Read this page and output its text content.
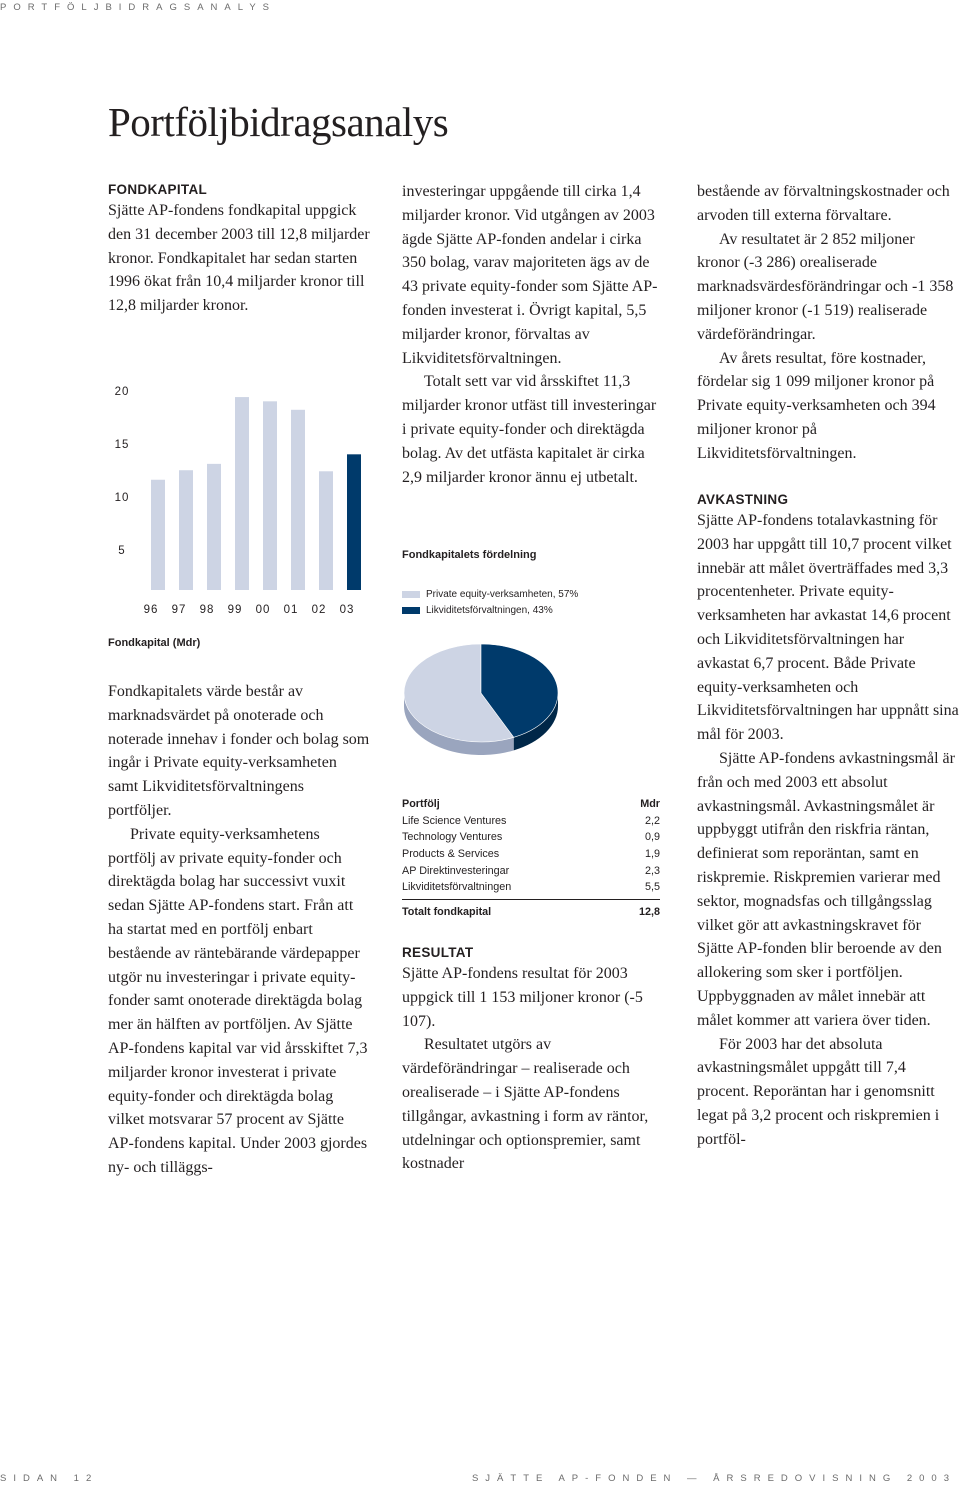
PORTFÖLJBIDRAGSANALYS
Portföljbidragsanalys

FONDKAPITAL

Sjätte AP-fondens fondkapital uppgick den 31 december 2003 till 12,8 miljarder kronor. Fondkapitalet har sedan starten 1996 ökat från 10,4 miljarder kronor till 12,8 miljarder kronor.

5
10
15
20
96 97 98 99 00 01 02 03
Fondkapital (Mdr)

Fondkapitalets värde består av marknadsvärdet på onoterade och noterade innehav i fonder och bolag som ingår i Private equity-verksamheten samt Likviditetsförvaltningens portföljer.

Private equity-verksamhetens portfölj av private equity-fonder och direktägda bolag har successivt vuxit sedan Sjätte AP-fondens start. Från att ha startat med en portfölj enbart bestående av räntebärande värdepapper utgör nu investeringar i private equity-fonder samt onoterade direktägda bolag mer än hälften av portföljen. Av Sjätte AP-fondens kapital var vid årsskiftet 7,3 miljarder kronor investerat i private equity-fonder och direktägda bolag vilket motsvarar 57 procent av Sjätte AP-fondens kapital. Under 2003 gjordes ny- och tilläggs-

investeringar uppgående till cirka 1,4 miljarder kronor. Vid utgången av 2003 ägde Sjätte AP-fonden andelar i cirka 350 bolag, varav majoriteten ägs av de 43 private equity-fonder som Sjätte AP-fonden investerat i. Övrigt kapital, 5,5 miljarder kronor, förvaltas av Likviditetsförvaltningen.

Totalt sett var vid årsskiftet 11,3 miljarder kronor utfäst till investeringar i private equity-fonder och direktägda bolag. Av det utfästa kapitalet är cirka 2,9 miljarder kronor ännu ej utbetalt.

Fondkapitalets fördelning
Private equity-verksamheten, 57%
Likviditetsförvaltningen, 43%
Portfölj	Mdr
Life Science Ventures	2,2
Technology Ventures	0,9
Products & Services	1,9
AP Direktinvesteringar	2,3
Likviditetsförvaltningen	5,5
Totalt fondkapital	12,8

RESULTAT

Sjätte AP-fondens resultat för 2003 uppgick till 1 153 miljoner kronor (-5 107).

Resultatet utgörs av värdeförändringar – realiserade och orealiserade – i Sjätte AP-fondens tillgångar, avkastning i form av räntor, utdelningar och optionspremier, samt kostnader

bestående av förvaltningskostnader och arvoden till externa förvaltare.

Av resultatet är 2 852 miljoner kronor (-3 286) orealiserade marknadsvärdesförändringar och -1 358 miljoner kronor (-1 519) realiserade värdeförändringar.

Av årets resultat, före kostnader, fördelar sig 1 099 miljoner kronor på Private equity-verksamheten och 394 miljoner kronor på Likviditetsförvaltningen.

AVKASTNING

Sjätte AP-fondens totalavkastning för 2003 har uppgått till 10,7 procent vilket innebär att målet överträffades med 3,3 procentenheter. Private equity-verksamheten har avkastat 14,6 procent och Likviditetsförvaltningen har avkastat 6,7 procent. Både Private equity-verksamheten och Likviditetsförvaltningen har uppnått sina mål för 2003.

Sjätte AP-fondens avkastningsmål är från och med 2003 ett absolut avkastningsmål. Avkastningsmålet är uppbyggt utifrån den riskfria räntan, definierat som reporäntan, samt en riskpremie. Riskpremien varierar med sektor, mognadsfas och tillgångsslag vilket gör att avkastningskravet för Sjätte AP-fonden blir beroende av den allokering som sker i portföljen. Uppbyggnaden av målet innebär att målet kommer att variera över tiden.

För 2003 har det absoluta avkastningsmålet uppgått till 7,4 procent. Reporäntan har i genomsnitt legat på 3,2 procent och riskpremien i portföl-

SIDAN 12	SJÄTTE AP-FONDEN — ÅRSREDOVISNING 2003
